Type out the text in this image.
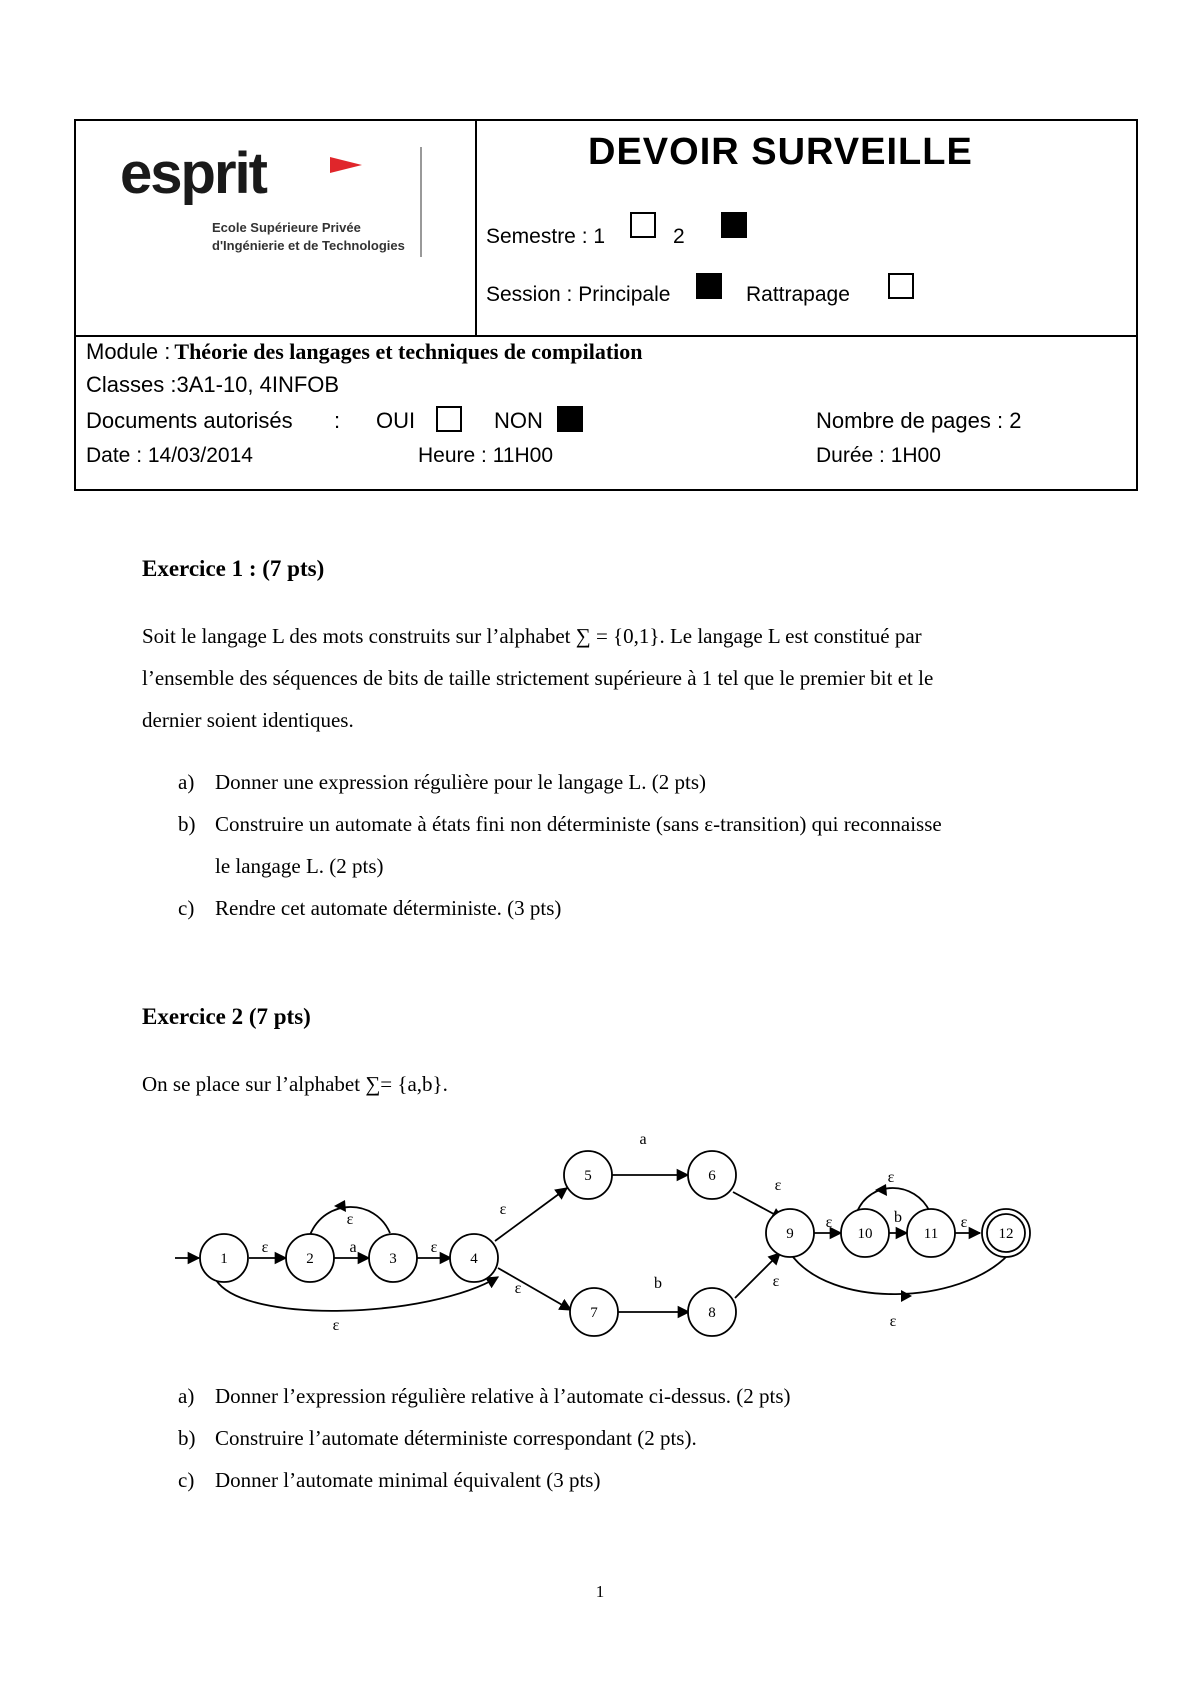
esprit
Ecole Supérieure Privée
d'Ingénierie et de Technologies
DEVOIR SURVEILLE
Semestre : 1	2
Session : Principale	Rattrapage
Module : Théorie des langages et techniques de compilation
Classes :3A1-10, 4INFOB
Documents autorisés : OUI	NON	Nombre de pages : 2
Date : 14/03/2014	Heure : 11H00	Durée : 1H00
Exercice 1 : (7 pts)
Soit le langage L des mots construits sur l’alphabet ∑ = {0,1}. Le langage L est constitué par
l’ensemble des séquences de bits de taille strictement supérieure à 1 tel que le premier bit et le
dernier soient identiques.
a) Donner une expression régulière pour le langage L. (2 pts)
b) Construire un automate à états fini non déterministe (sans ε-transition) qui reconnaisse
le langage L. (2 pts)
c) Rendre cet automate déterministe. (3 pts)
Exercice 2 (7 pts)
On se place sur l’alphabet ∑= {a,b}.
1	2	3	4
5	6
7	8
9	10	11	12
ε	a
ε
ε
ε
ε
ε
a
b
ε
ε
ε	b
ε
ε
ε
a) Donner l’expression régulière relative à l’automate ci-dessus. (2 pts)
b) Construire l’automate déterministe correspondant (2 pts).
c) Donner l’automate minimal équivalent (3 pts)
1
